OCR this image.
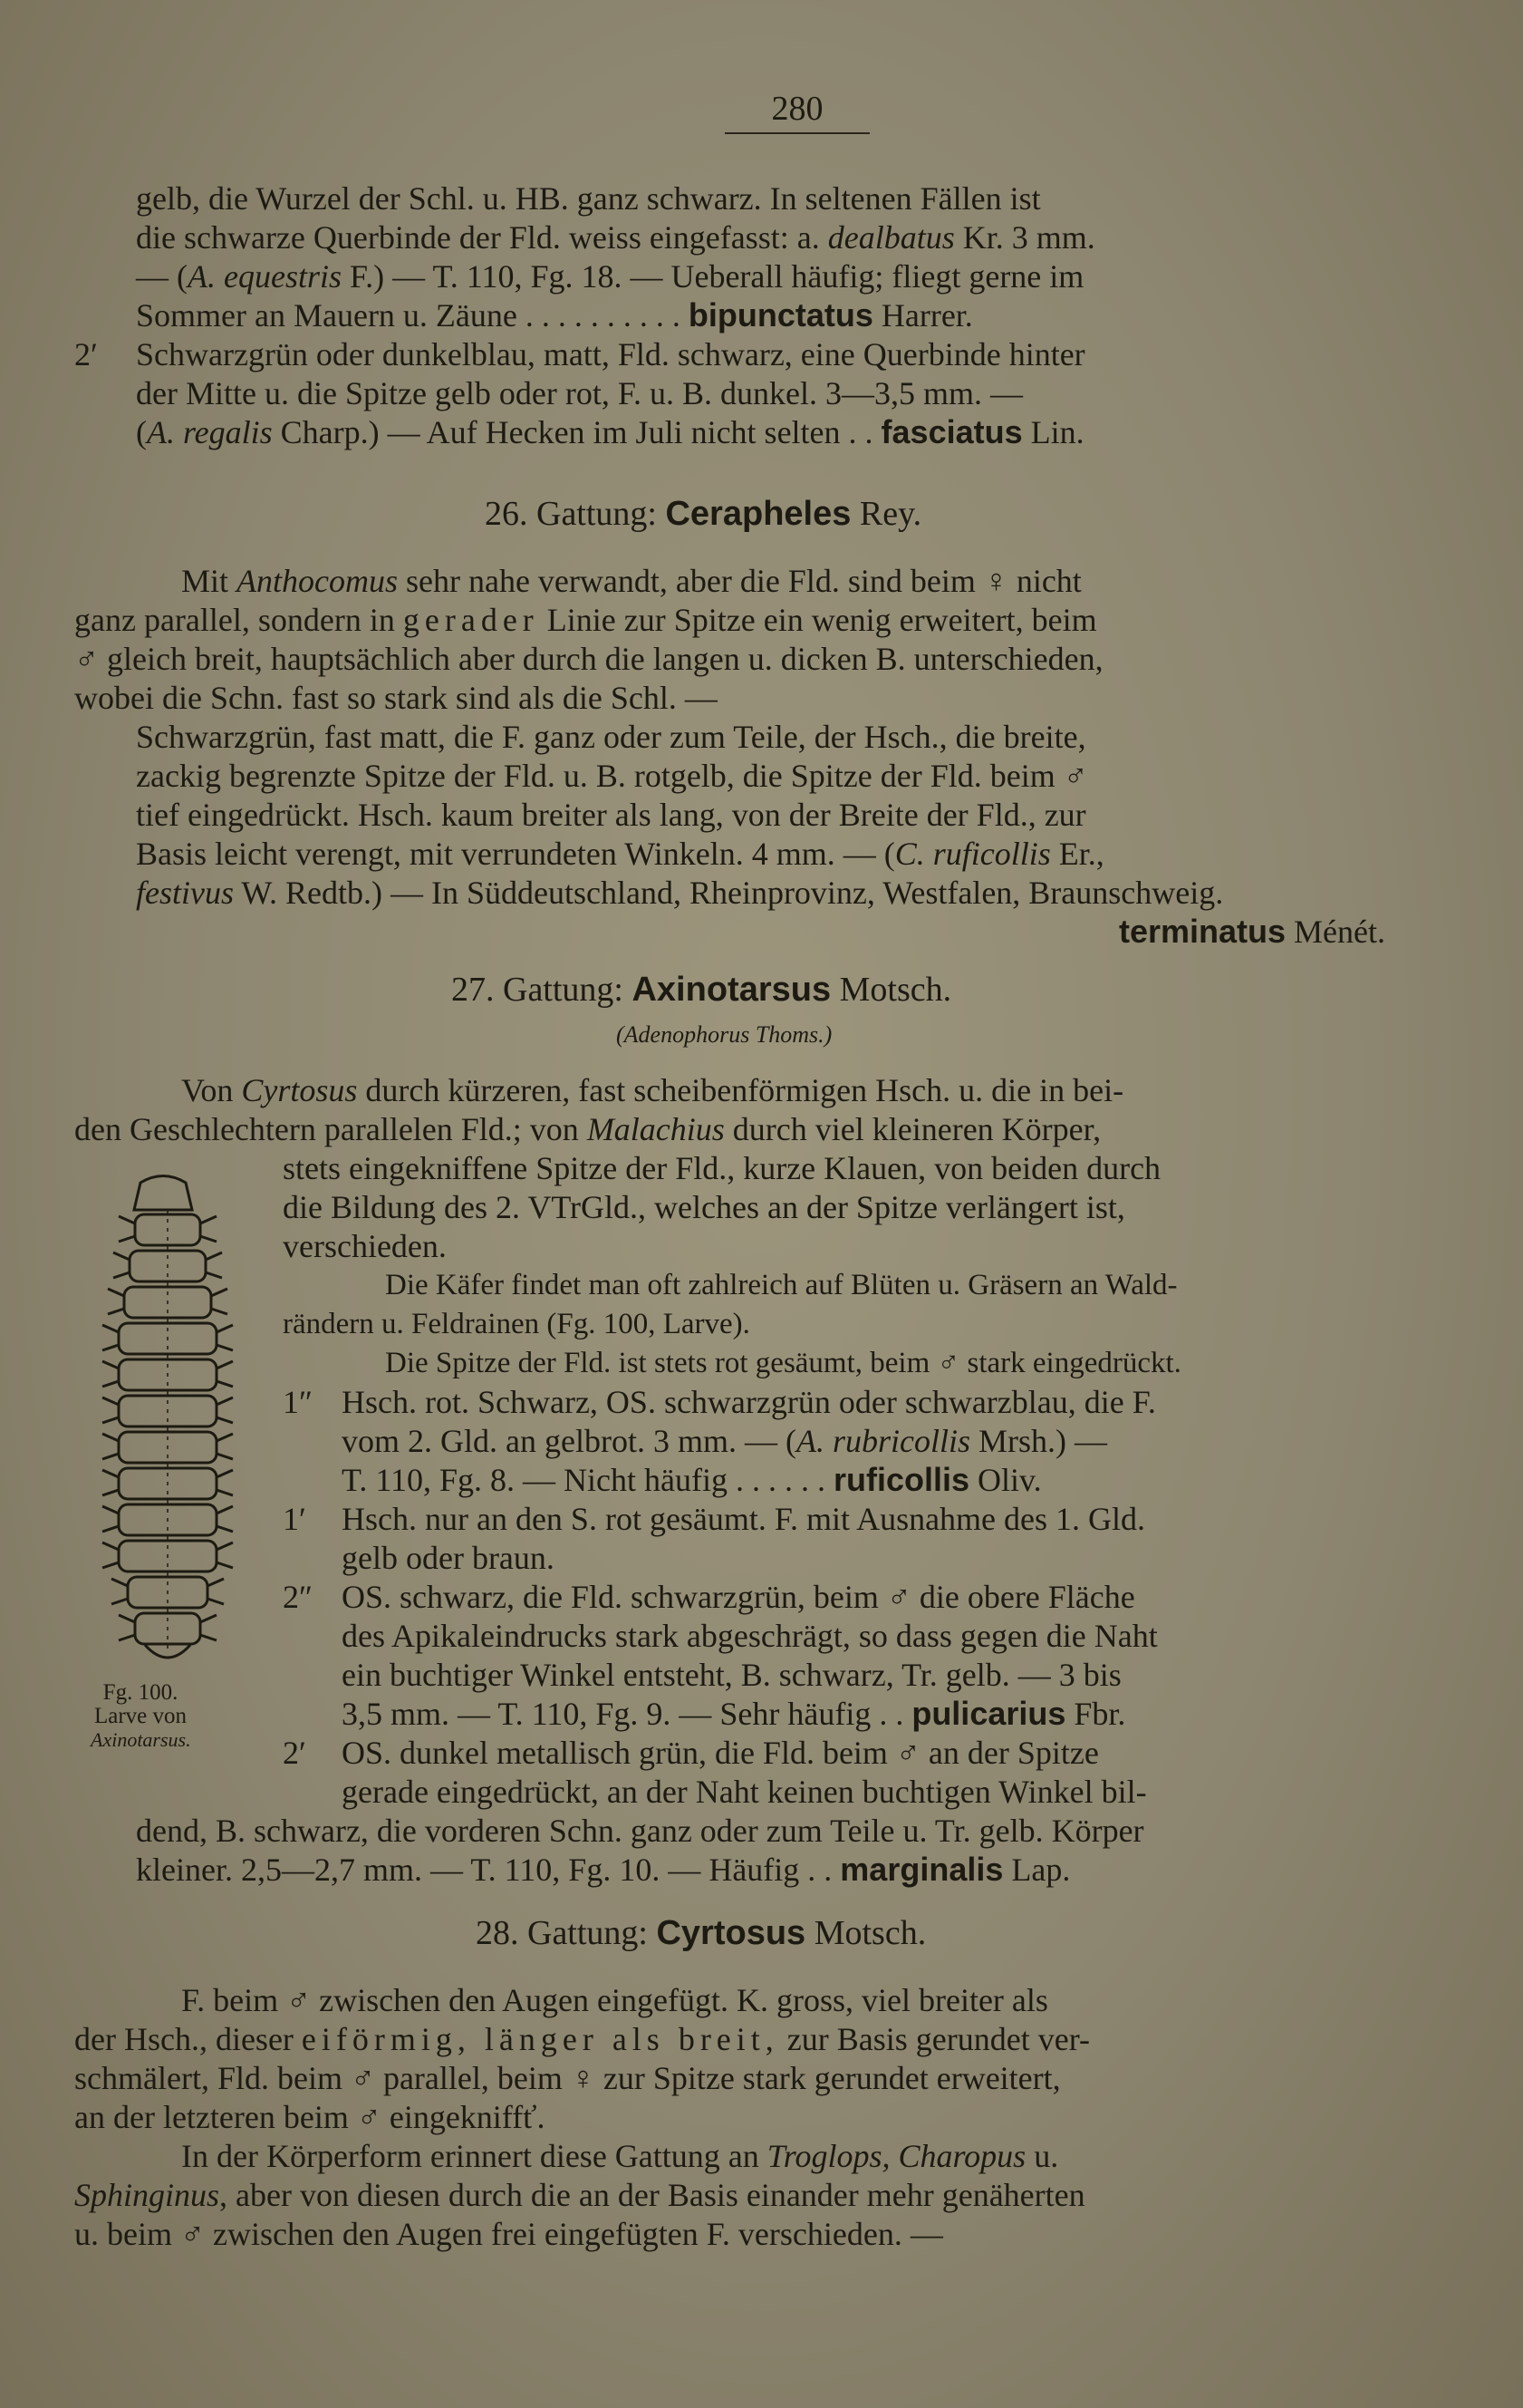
280
gelb, die Wurzel der Schl. u. HB. ganz schwarz. In seltenen Fällen ist
die schwarze Querbinde der Fld. weiss eingefasst: a. dealbatus Kr. 3 mm.
— (A. equestris F.) — T. 110, Fg. 18. — Ueberall häufig; fliegt gerne im
Sommer an Mauern u. Zäune . . . . . . . . . . bipunctatus Harrer.
2′ Schwarzgrün oder dunkelblau, matt, Fld. schwarz, eine Querbinde hinter
der Mitte u. die Spitze gelb oder rot, F. u. B. dunkel. 3—3,5 mm. —
(A. regalis Charp.) — Auf Hecken im Juli nicht selten . . fasciatus Lin.
26. Gattung: Cerapheles Rey.
Mit Anthocomus sehr nahe verwandt, aber die Fld. sind beim ♀ nicht
ganz parallel, sondern in gerader Linie zur Spitze ein wenig erweitert, beim
♂ gleich breit, hauptsächlich aber durch die langen u. dicken B. unterschieden,
wobei die Schn. fast so stark sind als die Schl. —
Schwarzgrün, fast matt, die F. ganz oder zum Teile, der Hsch., die breite,
zackig begrenzte Spitze der Fld. u. B. rotgelb, die Spitze der Fld. beim ♂
tief eingedrückt. Hsch. kaum breiter als lang, von der Breite der Fld., zur
Basis leicht verengt, mit verrundeten Winkeln. 4 mm. — (C. ruficollis Er.,
festivus W. Redtb.) — In Süddeutschland, Rheinprovinz, Westfalen, Braunschweig.
terminatus Ménét.
27. Gattung: Axinotarsus Motsch.
(Adenophorus Thoms.)
Von Cyrtosus durch kürzeren, fast scheibenförmigen Hsch. u. die in bei-
den Geschlechtern parallelen Fld.; von Malachius durch viel kleineren Körper,
stets eingekniffene Spitze der Fld., kurze Klauen, von beiden durch
die Bildung des 2. VTrGld., welches an der Spitze verlängert ist,
verschieden.
Die Käfer findet man oft zahlreich auf Blüten u. Gräsern an Wald-
rändern u. Feldrainen (Fg. 100, Larve).
Die Spitze der Fld. ist stets rot gesäumt, beim ♂ stark eingedrückt.
1″ Hsch. rot. Schwarz, OS. schwarzgrün oder schwarzblau, die F.
vom 2. Gld. an gelbrot. 3 mm. — (A. rubricollis Mrsh.) —
T. 110, Fg. 8. — Nicht häufig . . . . . . ruficollis Oliv.
1′ Hsch. nur an den S. rot gesäumt. F. mit Ausnahme des 1. Gld.
gelb oder braun.
2″ OS. schwarz, die Fld. schwarzgrün, beim ♂ die obere Fläche
des Apikaleindrucks stark abgeschrägt, so dass gegen die Naht
ein buchtiger Winkel entsteht, B. schwarz, Tr. gelb. — 3 bis
3,5 mm. — T. 110, Fg. 9. — Sehr häufig . . pulicarius Fbr.
2′ OS. dunkel metallisch grün, die Fld. beim ♂ an der Spitze
gerade eingedrückt, an der Naht keinen buchtigen Winkel bil-
dend, B. schwarz, die vorderen Schn. ganz oder zum Teile u. Tr. gelb. Körper
kleiner. 2,5—2,7 mm. — T. 110, Fg. 10. — Häufig . . marginalis Lap.
28. Gattung: Cyrtosus Motsch.
F. beim ♂ zwischen den Augen eingefügt. K. gross, viel breiter als
der Hsch., dieser eiförmig, länger als breit, zur Basis gerundet ver-
schmälert, Fld. beim ♂ parallel, beim ♀ zur Spitze stark gerundet erweitert,
an der letzteren beim ♂ eingekniffť.
In der Körperform erinnert diese Gattung an Troglops, Charopus u.
Sphinginus, aber von diesen durch die an der Basis einander mehr genäherten
u. beim ♂ zwischen den Augen frei eingefügten F. verschieden. —
Fg. 100.
Larve von
Axinotarsus.
